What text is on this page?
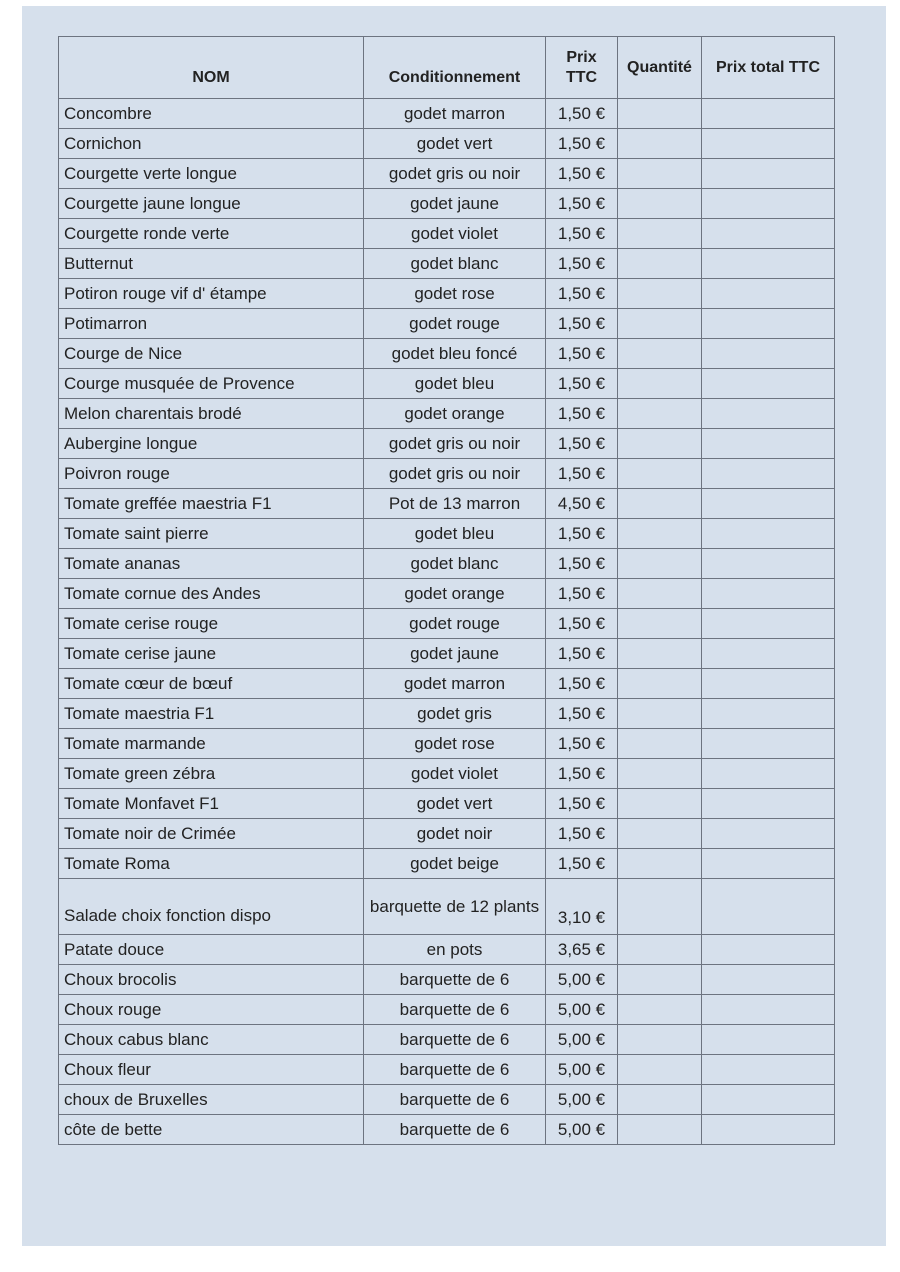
NOM	Conditionnement	Prix TTC	Quantité	Prix total TTC
Concombre	godet marron	1,50 €		
Cornichon	godet vert	1,50 €		
Courgette verte longue	godet gris ou noir	1,50 €		
Courgette jaune longue	godet jaune	1,50 €		
Courgette ronde verte	godet violet	1,50 €		
Butternut	godet blanc	1,50 €		
Potiron rouge vif d' étampe	godet rose	1,50 €		
Potimarron	godet rouge	1,50 €		
Courge de Nice	godet bleu foncé	1,50 €		
Courge musquée de Provence	godet bleu	1,50 €		
Melon charentais brodé	godet orange	1,50 €		
Aubergine longue	godet gris ou noir	1,50 €		
Poivron rouge	godet gris ou noir	1,50 €		
Tomate greffée maestria F1	Pot de 13 marron	4,50 €		
Tomate saint pierre	godet bleu	1,50 €		
Tomate ananas	godet blanc	1,50 €		
Tomate cornue des Andes	godet orange	1,50 €		
Tomate cerise rouge	godet rouge	1,50 €		
Tomate cerise jaune	godet jaune	1,50 €		
Tomate cœur de bœuf	godet marron	1,50 €		
Tomate maestria F1	godet gris	1,50 €		
Tomate marmande	godet rose	1,50 €		
Tomate green zébra	godet violet	1,50 €		
Tomate Monfavet F1	godet vert	1,50 €		
Tomate noir de Crimée	godet noir	1,50 €		
Tomate Roma	godet beige	1,50 €		
Salade choix fonction dispo	barquette de 12 plants	3,10 €		
Patate douce	en pots	3,65 €		
Choux brocolis	barquette de 6	5,00 €		
Choux rouge	barquette de 6	5,00 €		
Choux cabus blanc	barquette de 6	5,00 €		
Choux fleur	barquette de 6	5,00 €		
choux de Bruxelles	barquette de 6	5,00 €		
côte de bette	barquette de 6	5,00 €		
